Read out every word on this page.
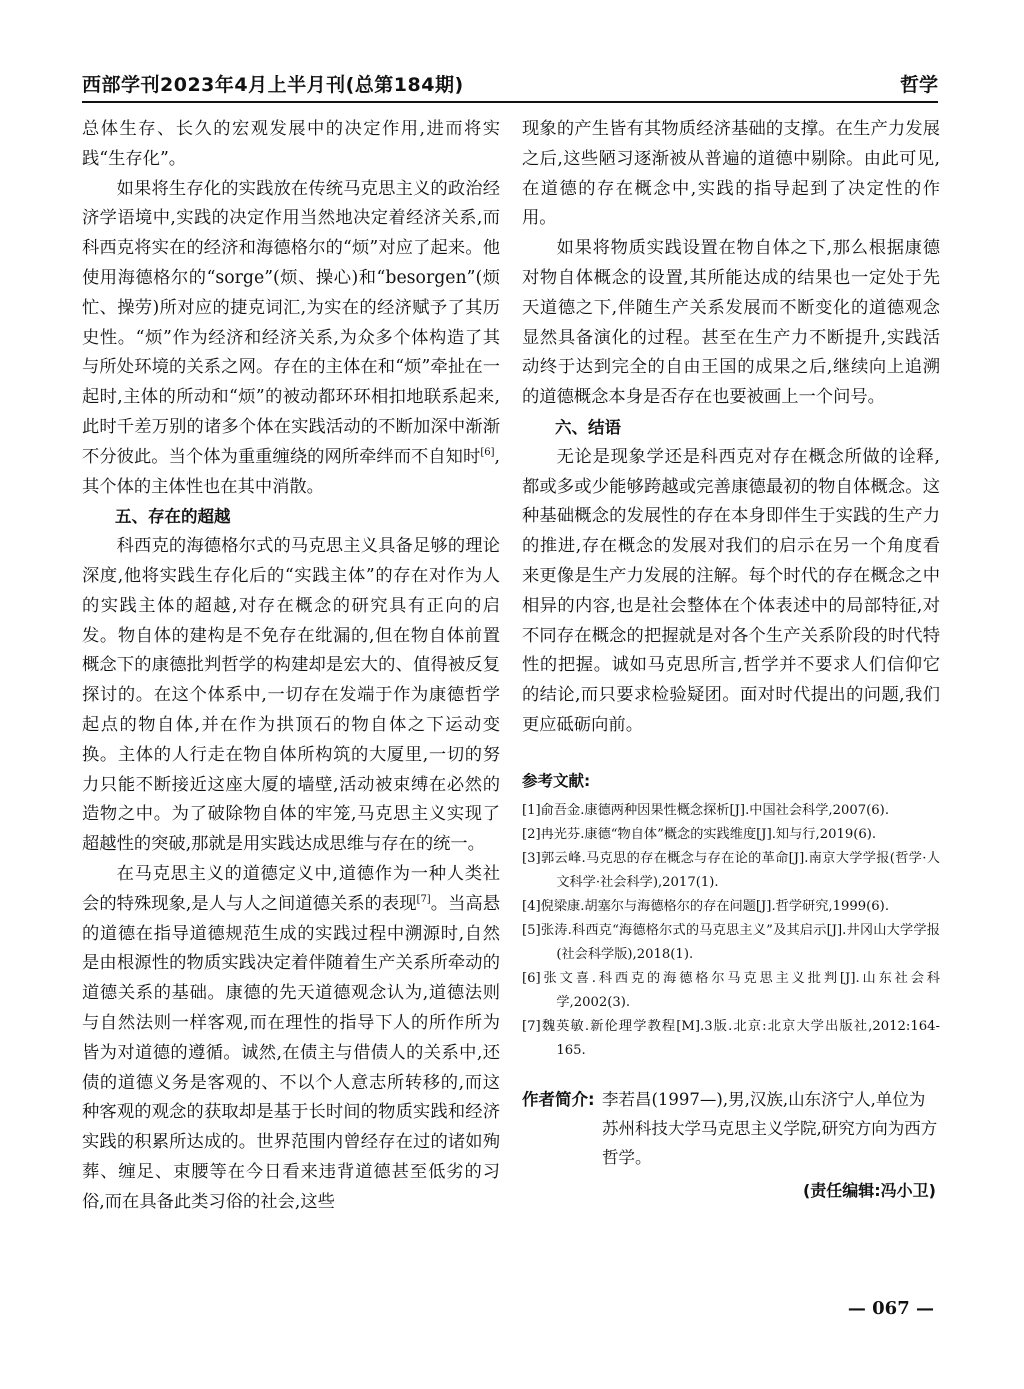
西部学刊2023年4月上半月刊(总第184期)	哲学

总体生存、长久的宏观发展中的决定作用,进而将实践“生存化”。

如果将生存化的实践放在传统马克思主义的政治经济学语境中,实践的决定作用当然地决定着经济关系,而科西克将实在的经济和海德格尔的“烦”对应了起来。他使用海德格尔的“sorge”(烦、操心)和“besorgen”(烦忙、操劳)所对应的捷克词汇,为实在的经济赋予了其历史性。“烦”作为经济和经济关系,为众多个体构造了其与所处环境的关系之网。存在的主体在和“烦”牵扯在一起时,主体的所动和“烦”的被动都环环相扣地联系起来,此时千差万别的诸多个体在实践活动的不断加深中渐渐不分彼此。当个体为重重缠绕的网所牵绊而不自知时[6],其个体的主体性也在其中消散。

五、存在的超越

科西克的海德格尔式的马克思主义具备足够的理论深度,他将实践生存化后的“实践主体”的存在对作为人的实践主体的超越,对存在概念的研究具有正向的启发。物自体的建构是不免存在纰漏的,但在物自体前置概念下的康德批判哲学的构建却是宏大的、值得被反复探讨的。在这个体系中,一切存在发端于作为康德哲学起点的物自体,并在作为拱顶石的物自体之下运动变换。主体的人行走在物自体所构筑的大厦里,一切的努力只能不断接近这座大厦的墙壁,活动被束缚在必然的造物之中。为了破除物自体的牢笼,马克思主义实现了超越性的突破,那就是用实践达成思维与存在的统一。

在马克思主义的道德定义中,道德作为一种人类社会的特殊现象,是人与人之间道德关系的表现[7]。当高悬的道德在指导道德规范生成的实践过程中溯源时,自然是由根源性的物质实践决定着伴随着生产关系所牵动的道德关系的基础。康德的先天道德观念认为,道德法则与自然法则一样客观,而在理性的指导下人的所作所为皆为对道德的遵循。诚然,在债主与借债人的关系中,还债的道德义务是客观的、不以个人意志所转移的,而这种客观的观念的获取却是基于长时间的物质实践和经济实践的积累所达成的。世界范围内曾经存在过的诸如殉葬、缠足、束腰等在今日看来违背道德甚至低劣的习俗,而在具备此类习俗的社会,这些

现象的产生皆有其物质经济基础的支撑。在生产力发展之后,这些陋习逐渐被从普遍的道德中剔除。由此可见,在道德的存在概念中,实践的指导起到了决定性的作用。

如果将物质实践设置在物自体之下,那么根据康德对物自体概念的设置,其所能达成的结果也一定处于先天道德之下,伴随生产关系发展而不断变化的道德观念显然具备演化的过程。甚至在生产力不断提升,实践活动终于达到完全的自由王国的成果之后,继续向上追溯的道德概念本身是否存在也要被画上一个问号。

六、结语

无论是现象学还是科西克对存在概念所做的诠释,都或多或少能够跨越或完善康德最初的物自体概念。这种基础概念的发展性的存在本身即伴生于实践的生产力的推进,存在概念的发展对我们的启示在另一个角度看来更像是生产力发展的注解。每个时代的存在概念之中相异的内容,也是社会整体在个体表述中的局部特征,对不同存在概念的把握就是对各个生产关系阶段的时代特性的把握。诚如马克思所言,哲学并不要求人们信仰它的结论,而只要求检验疑团。面对时代提出的问题,我们更应砥砺向前。

参考文献:
[1]俞吾金.康德两种因果性概念探析[J].中国社会科学,2007(6).
[2]冉光芬.康德“物自体”概念的实践维度[J].知与行,2019(6).
[3]郭云峰.马克思的存在概念与存在论的革命[J].南京大学学报(哲学·人文科学·社会科学),2017(1).
[4]倪梁康.胡塞尔与海德格尔的存在问题[J].哲学研究,1999(6).
[5]张涛.科西克“海德格尔式的马克思主义”及其启示[J].井冈山大学学报(社会科学版),2018(1).
[6]张文喜.科西克的海德格尔马克思主义批判[J].山东社会科学,2002(3).
[7]魏英敏.新伦理学教程[M].3版.北京:北京大学出版社,2012:164-165.
作者简介: 李若昌(1997—),男,汉族,山东济宁人,单位为苏州科技大学马克思主义学院,研究方向为西方哲学。
(责任编辑:冯小卫)
— 067 —
